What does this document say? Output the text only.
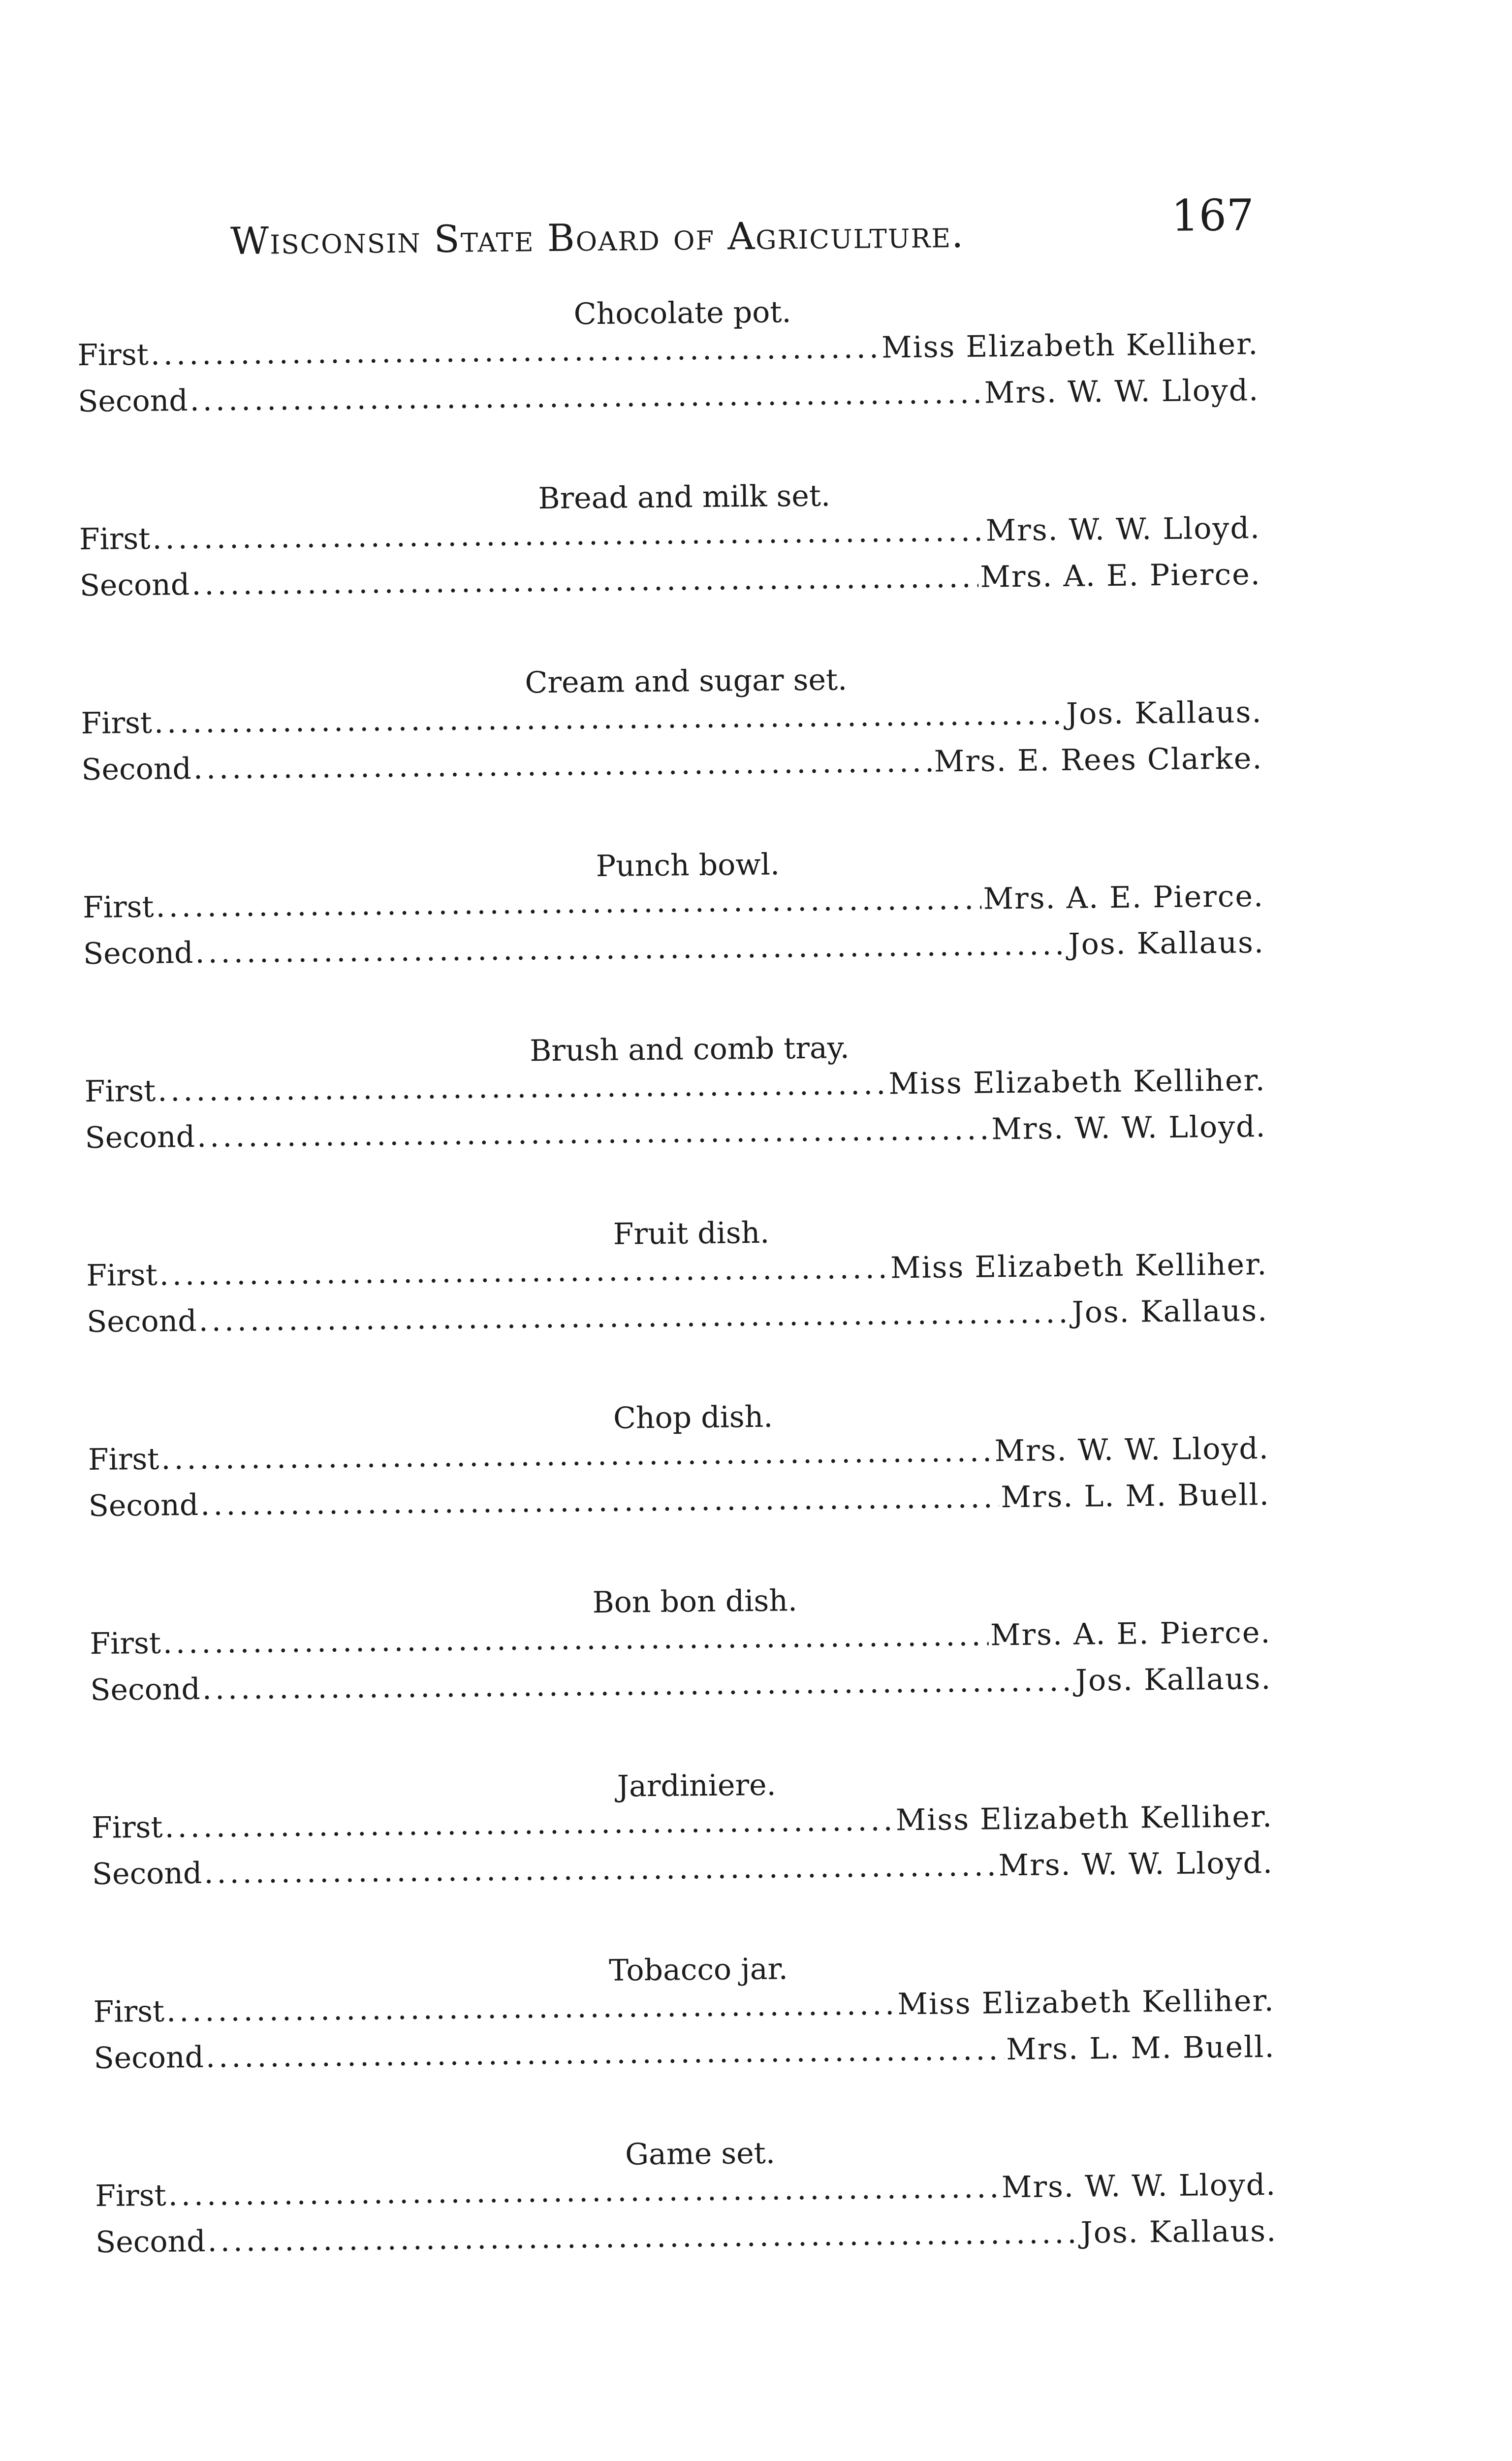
Wisconsin State Board of Agriculture.	167
Chocolate pot.
First .....	Miss Elizabeth Kelliher.
Second .....	Mrs. W. W. Lloyd.
Bread and milk set.
First .....	Mrs. W. W. Lloyd.
Second .....	Mrs. A. E. Pierce.
Cream and sugar set.
First .....	Jos. Kallaus.
Second .....	Mrs. E. Rees Clarke.
Punch bowl.
First .....	Mrs. A. E. Pierce.
Second .....	Jos. Kallaus.
Brush and comb tray.
First .....	Miss Elizabeth Kelliher.
Second .....	Mrs. W. W. Lloyd.
Fruit dish.
First .....	Miss Elizabeth Kelliher.
Second .....	Jos. Kallaus.
Chop dish.
First .....	Mrs. W. W. Lloyd.
Second .....	Mrs. L. M. Buell.
Bon bon dish.
First .....	Mrs. A. E. Pierce.
Second .....	Jos. Kallaus.
Jardiniere.
First .....	Miss Elizabeth Kelliher.
Second .....	Mrs. W. W. Lloyd.
Tobacco jar.
First .....	Miss Elizabeth Kelliher.
Second .....	Mrs. L. M. Buell.
Game set.
First .....	Mrs. W. W. Lloyd.
Second .....	Jos. Kallaus.
